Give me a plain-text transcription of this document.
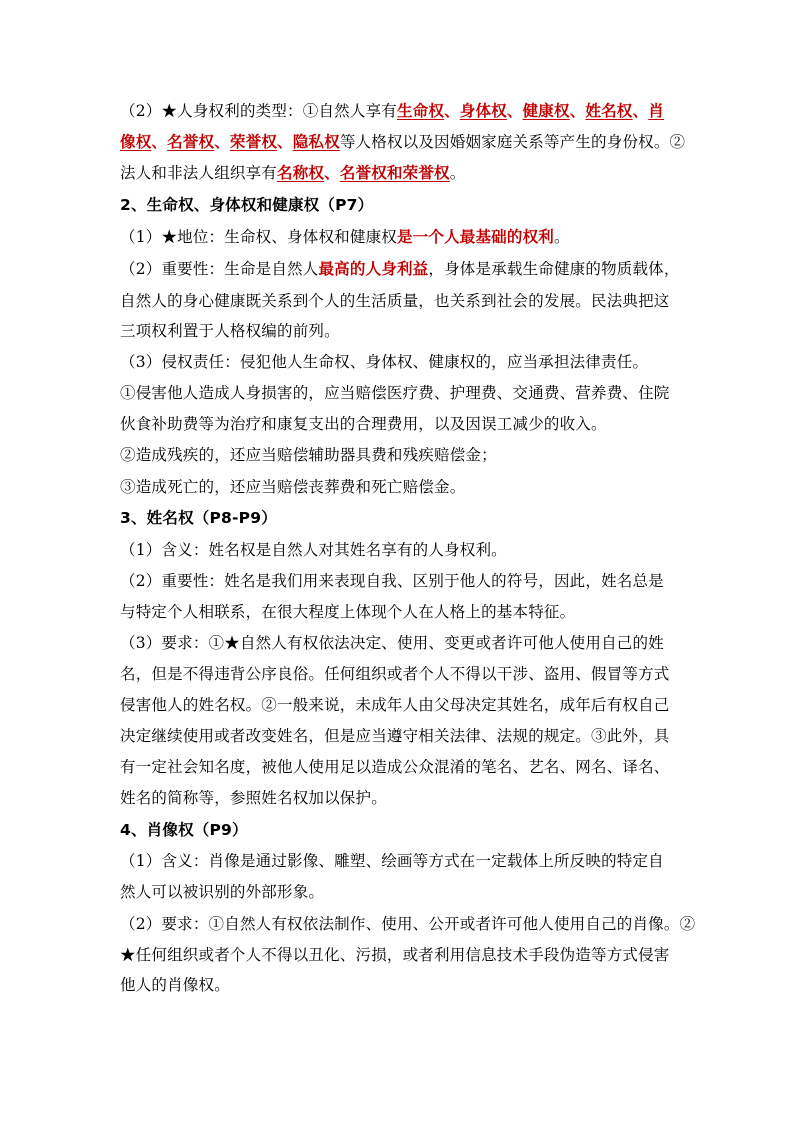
（2）★人身权利的类型：①自然人享有生命权、身体权、健康权、姓名权、肖
像权、名誉权、荣誉权、隐私权等人格权以及因婚姻家庭关系等产生的身份权。②
法人和非法人组织享有名称权、名誉权和荣誉权。
2、生命权、身体权和健康权（P7）
（1）★地位：生命权、身体权和健康权是一个人最基础的权利。
（2）重要性：生命是自然人最高的人身利益，身体是承载生命健康的物质载体，
自然人的身心健康既关系到个人的生活质量，也关系到社会的发展。民法典把这
三项权利置于人格权编的前列。
（3）侵权责任：侵犯他人生命权、身体权、健康权的，应当承担法律责任。
①侵害他人造成人身损害的，应当赔偿医疗费、护理费、交通费、营养费、住院
伙食补助费等为治疗和康复支出的合理费用，以及因误工减少的收入。
②造成残疾的，还应当赔偿辅助器具费和残疾赔偿金；
③造成死亡的，还应当赔偿丧葬费和死亡赔偿金。
3、姓名权（P8-P9）
（1）含义：姓名权是自然人对其姓名享有的人身权利。
（2）重要性：姓名是我们用来表现自我、区别于他人的符号，因此，姓名总是
与特定个人相联系，在很大程度上体现个人在人格上的基本特征。
（3）要求：①★自然人有权依法决定、使用、变更或者许可他人使用自己的姓
名，但是不得违背公序良俗。任何组织或者个人不得以干涉、盗用、假冒等方式
侵害他人的姓名权。②一般来说，未成年人由父母决定其姓名，成年后有权自己
决定继续使用或者改变姓名，但是应当遵守相关法律、法规的规定。③此外，具
有一定社会知名度，被他人使用足以造成公众混淆的笔名、艺名、网名、译名、
姓名的简称等，参照姓名权加以保护。
4、肖像权（P9）
（1）含义：肖像是通过影像、雕塑、绘画等方式在一定载体上所反映的特定自
然人可以被识别的外部形象。
（2）要求：①自然人有权依法制作、使用、公开或者许可他人使用自己的肖像。②
★任何组织或者个人不得以丑化、污损，或者利用信息技术手段伪造等方式侵害
他人的肖像权。
